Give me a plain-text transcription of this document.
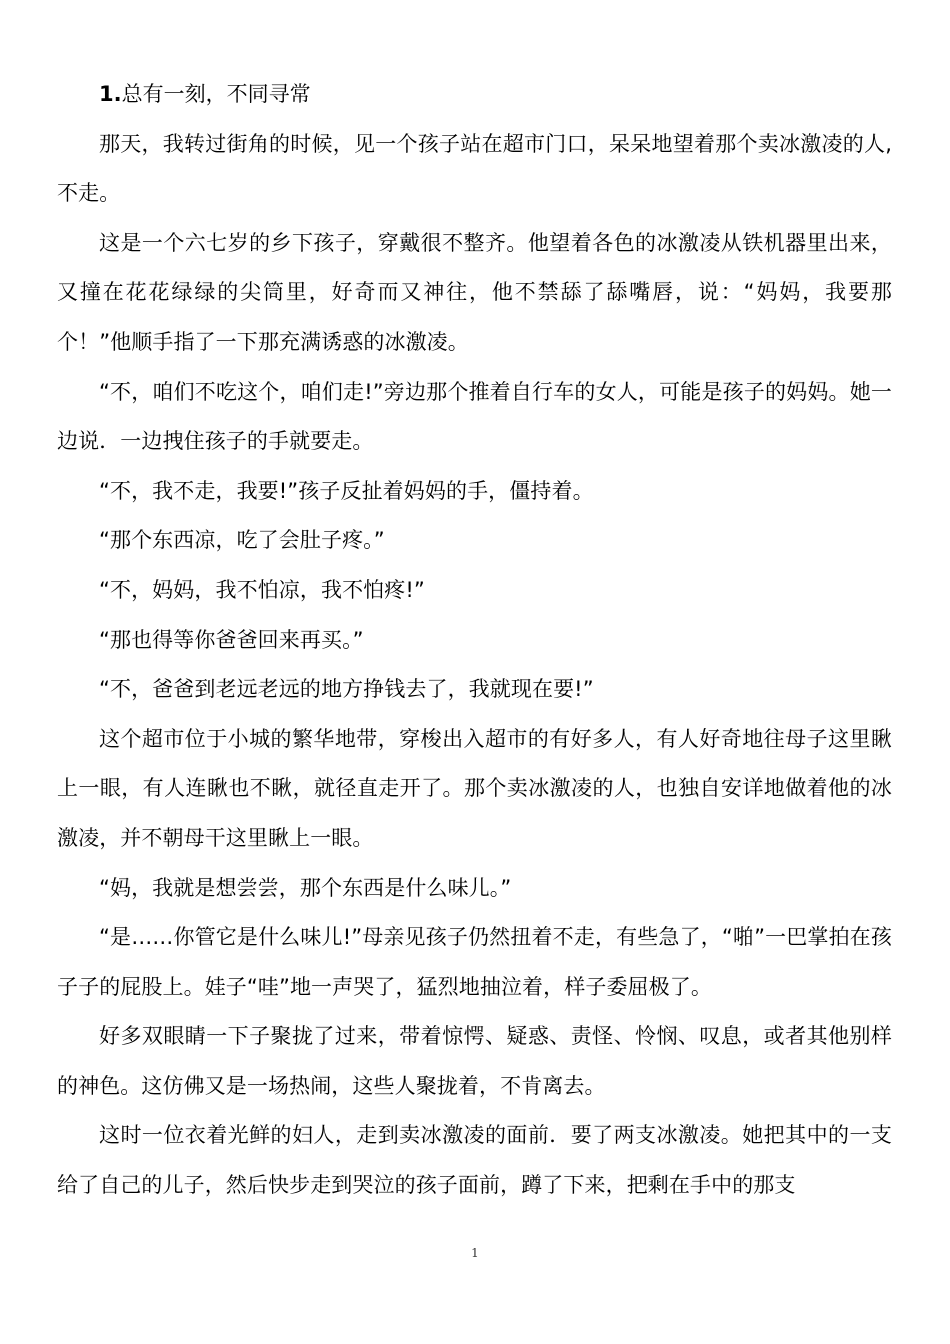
1.总有一刻，不同寻常

那天，我转过街角的时候，见一个孩子站在超市门口，呆呆地望着那个卖冰激凌的人,不走。

这是一个六七岁的乡下孩子，穿戴很不整齐。他望着各色的冰激凌从铁机器里出来，又撞在花花绿绿的尖筒里，好奇而又神往，他不禁舔了舔嘴唇，说：“妈妈，我要那个！”他顺手指了一下那充满诱惑的冰激凌。

“不，咱们不吃这个，咱们走!”旁边那个推着自行车的女人，可能是孩子的妈妈。她一边说．一边拽住孩子的手就要走。

“不，我不走，我要!”孩子反扯着妈妈的手，僵持着。

“那个东西凉，吃了会肚子疼。”

“不，妈妈，我不怕凉，我不怕疼!”

“那也得等你爸爸回来再买。”

“不，爸爸到老远老远的地方挣钱去了，我就现在要!”

这个超市位于小城的繁华地带，穿梭出入超市的有好多人，有人好奇地往母子这里瞅上一眼，有人连瞅也不瞅，就径直走开了。那个卖冰激凌的人，也独自安详地做着他的冰激凌，并不朝母干这里瞅上一眼。

“妈，我就是想尝尝，那个东西是什么味儿。”

“是……你管它是什么味儿!”母亲见孩子仍然扭着不走，有些急了，“啪”一巴掌拍在孩子子的屁股上。娃子“哇”地一声哭了，猛烈地抽泣着，样子委屈极了。

好多双眼睛一下子聚拢了过来，带着惊愕、疑惑、责怪、怜悯、叹息，或者其他别样的神色。这仿佛又是一场热闹，这些人聚拢着，不肯离去。

这时一位衣着光鲜的妇人，走到卖冰激凌的面前．要了两支冰激凌。她把其中的一支给了自己的儿子，然后快步走到哭泣的孩子面前，蹲了下来，把剩在手中的那支

1
